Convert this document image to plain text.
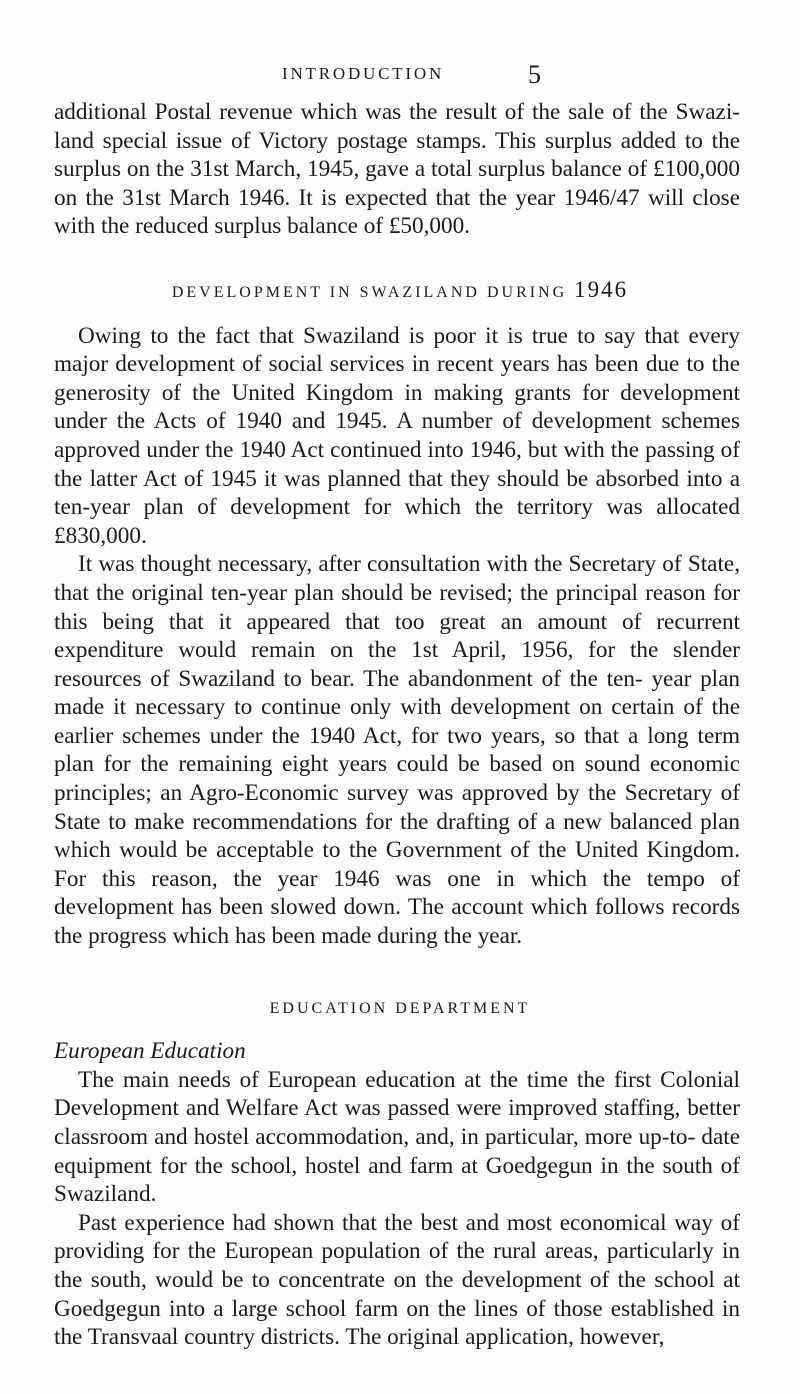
INTRODUCTION	5

additional Postal revenue which was the result of the sale of the Swazi- land special issue of Victory postage stamps. This surplus added to the surplus on the 31st March, 1945, gave a total surplus balance of £100,000 on the 31st March 1946. It is expected that the year 1946/47 will close with the reduced surplus balance of £50,000.

DEVELOPMENT IN SWAZILAND DURING 1946

Owing to the fact that Swaziland is poor it is true to say that every major development of social services in recent years has been due to the generosity of the United Kingdom in making grants for development under the Acts of 1940 and 1945. A number of development schemes approved under the 1940 Act continued into 1946, but with the passing of the latter Act of 1945 it was planned that they should be absorbed into a ten-year plan of development for which the territory was allocated £830,000.

It was thought necessary, after consultation with the Secretary of State, that the original ten-year plan should be revised; the principal reason for this being that it appeared that too great an amount of recurrent expenditure would remain on the 1st April, 1956, for the slender resources of Swaziland to bear. The abandonment of the ten- year plan made it necessary to continue only with development on certain of the earlier schemes under the 1940 Act, for two years, so that a long term plan for the remaining eight years could be based on sound economic principles; an Agro-Economic survey was approved by the Secretary of State to make recommendations for the drafting of a new balanced plan which would be acceptable to the Government of the United Kingdom. For this reason, the year 1946 was one in which the tempo of development has been slowed down. The account which follows records the progress which has been made during the year.

EDUCATION DEPARTMENT

European Education

The main needs of European education at the time the first Colonial Development and Welfare Act was passed were improved staffing, better classroom and hostel accommodation, and, in particular, more up-to- date equipment for the school, hostel and farm at Goedgegun in the south of Swaziland.

Past experience had shown that the best and most economical way of providing for the European population of the rural areas, particularly in the south, would be to concentrate on the development of the school at Goedgegun into a large school farm on the lines of those established in the Transvaal country districts. The original application, however,
